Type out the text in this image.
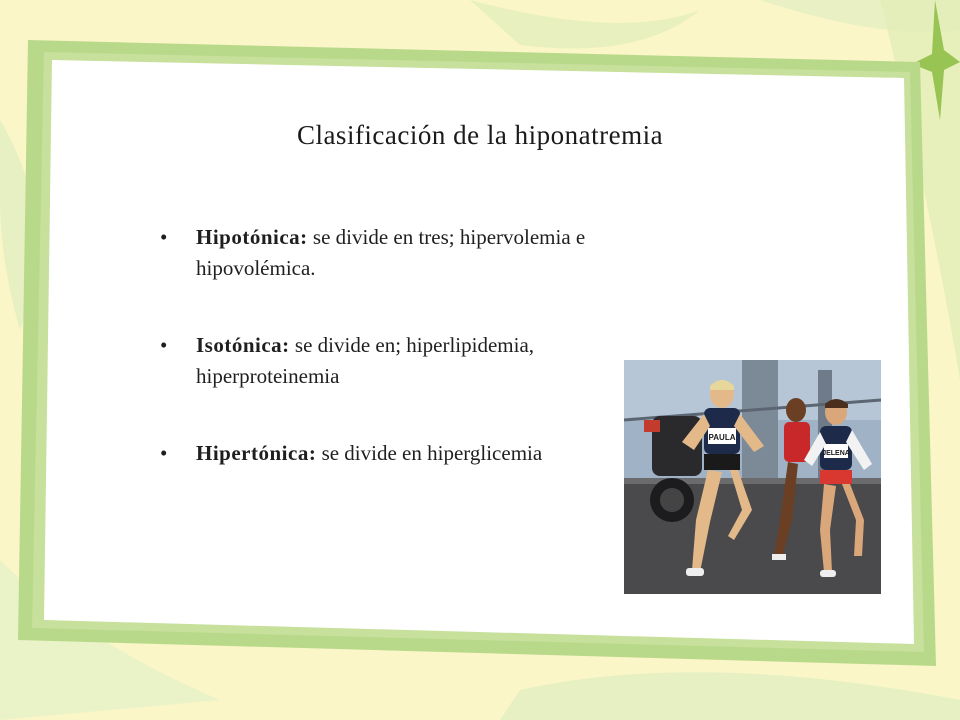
Clasificación de la hiponatremia
• Hipotónica: se divide en tres; hipervolemia e hipovolémica.
• Isotónica: se divide en; hiperlipidemia, hiperproteinemia
• Hipertónica: se divide en hiperglicemia
PAULA
JELENA
